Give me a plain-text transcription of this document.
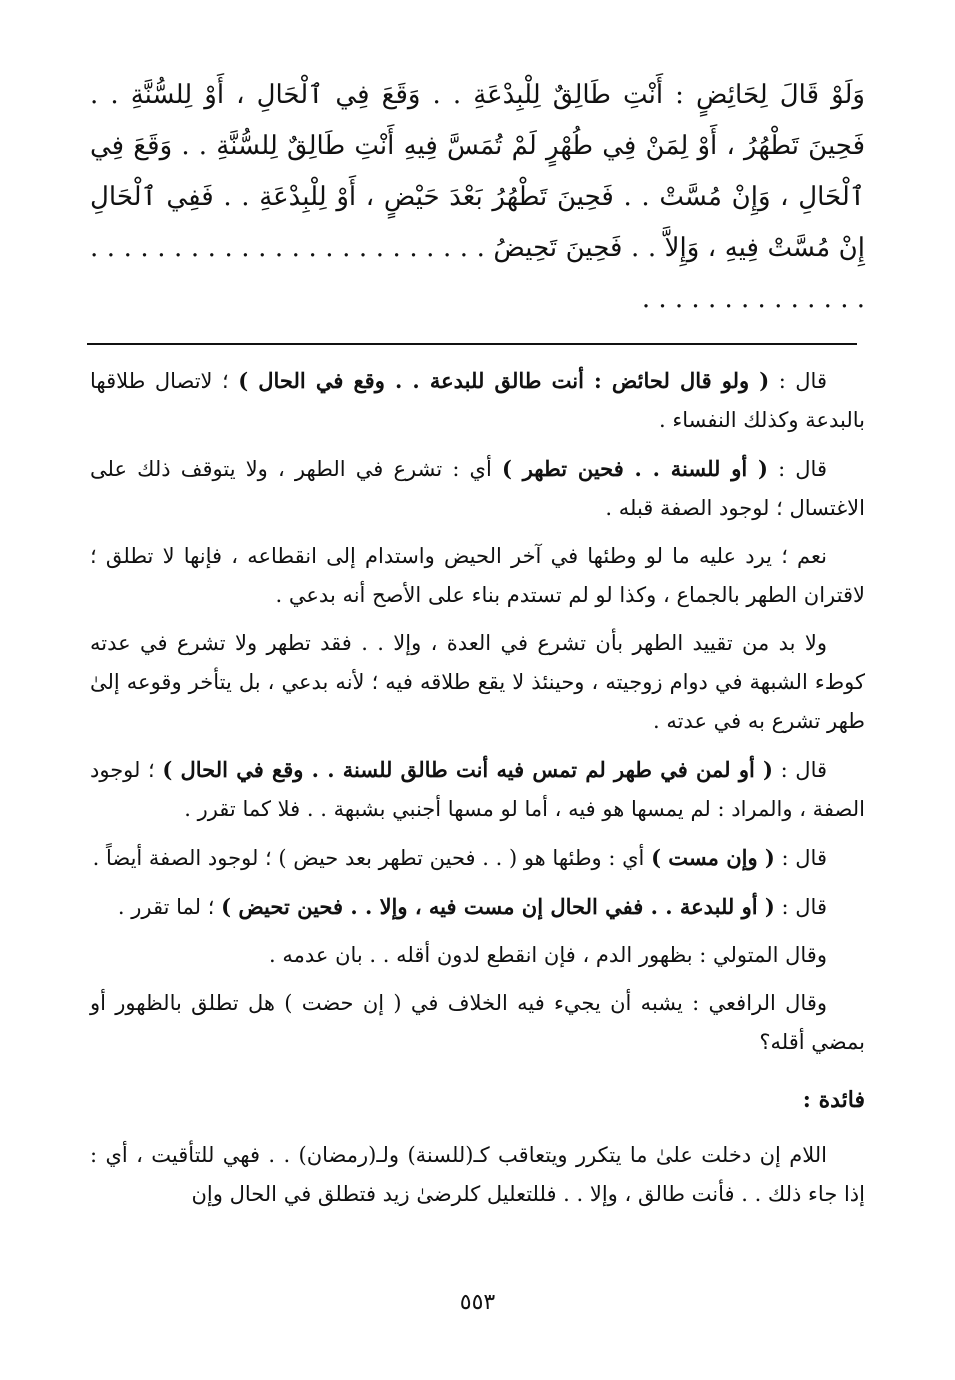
وَلَوْ قَالَ لِحَائِضٍ : أَنْتِ طَالِقٌ لِلْبِدْعَةِ . . وَقَعَ فِي ٱلْحَالِ ، أَوْ لِلسُّنَّةِ . . فَحِينَ تَطْهُرُ ، أَوْ لِمَنْ فِي طُهْرٍ لَمْ تُمَسَّ فِيهِ أَنْتِ طَالِقٌ لِلسُّنَّةِ . . وَقَعَ فِي ٱلْحَالِ ، وَإِنْ مُسَّتْ . . فَحِينَ تَطْهُرُ بَعْدَ حَيْضٍ ، أَوْ لِلْبِدْعَةِ . . فَفِي ٱلْحَالِ إِنْ مُسَّتْ فِيهِ ، وَإِلاَّ . . فَحِينَ تَحِيضُ . . . . . . . . . . . . . . . . . . . . . . . . . . . . . . . . . . . . . .

قال : ( ولو قال لحائض : أنت طالق للبدعة . . وقع في الحال ) ؛ لاتصال طلاقها بالبدعة وكذلك النفساء .

قال : ( أو للسنة . . فحين تطهر ) أي : تشرع في الطهر ، ولا يتوقف ذلك على الاغتسال ؛ لوجود الصفة قبله .

نعم ؛ يرد عليه ما لو وطئها في آخر الحيض واستدام إلى انقطاعه ، فإنها لا تطلق ؛ لاقتران الطهر بالجماع ، وكذا لو لم تستدم بناء على الأصح أنه بدعي .

ولا بد من تقييد الطهر بأن تشرع في العدة ، وإلا . . فقد تطهر ولا تشرع في عدته كوطء الشبهة في دوام زوجيته ، وحينئذ لا يقع طلاقه فيه ؛ لأنه بدعي ، بل يتأخر وقوعه إلىٰ طهر تشرع به في عدته .

قال : ( أو لمن في طهر لم تمس فيه أنت طالق للسنة . . وقع في الحال ) ؛ لوجود الصفة ، والمراد : لم يمسها هو فيه ، أما لو مسها أجنبي بشبهة . . فلا كما تقرر .

قال : ( وإن مست ) أي : وطئها هو ( . . فحين تطهر بعد حيض ) ؛ لوجود الصفة أيضاً .

قال : ( أو للبدعة . . ففي الحال إن مست فيه ، وإلا . . فحين تحيض ) ؛ لما تقرر .

وقال المتولي : بظهور الدم ، فإن انقطع لدون أقله . . بان عدمه .

وقال الرافعي : يشبه أن يجيء فيه الخلاف في ( إن حضت ) هل تطلق بالظهور أو بمضي أقله؟

فائدة :

اللام إن دخلت علىٰ ما يتكرر ويتعاقب كـ(للسنة) ولـ(رمضان) . . فهي للتأقيت ، أي : إذا جاء ذلك . . فأنت طالق ، وإلا . . فللتعليل كلرضىٰ زيد فتطلق في الحال وإن

٥٥٣
